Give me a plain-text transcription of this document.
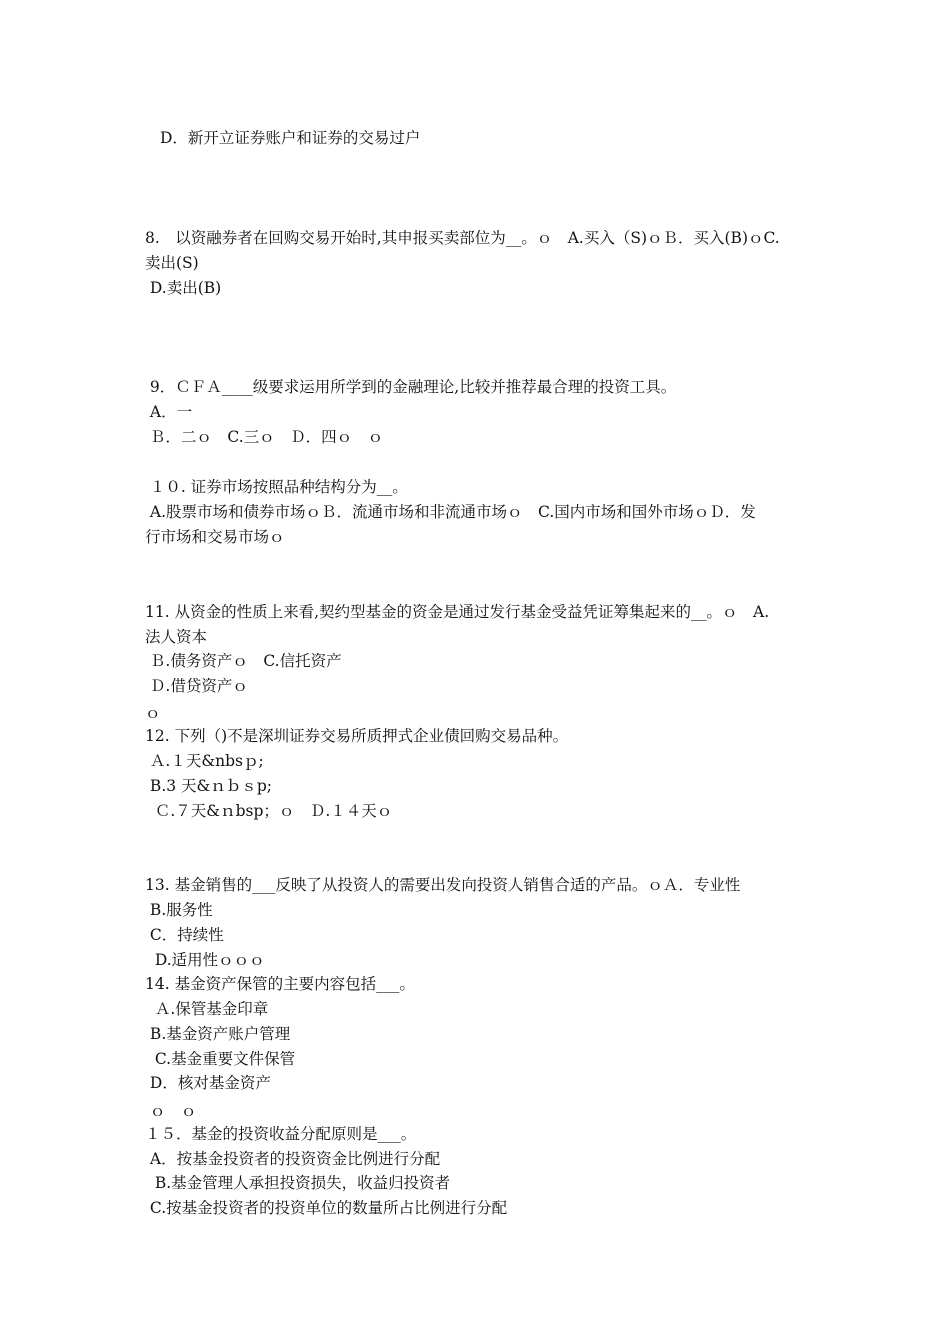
D．新开立证券账户和证券的交易过户
8.　以资融券者在回购交易开始时,其申报买卖部位为__。ｏ　A.买入（S)ｏＢ．买入(B)ｏC.
卖出(S)
D.卖出(B)
9．ＣＦＡ____级要求运用所学到的金融理论,比较并推荐最合理的投资工具。
A．一
Ｂ．二ｏ　C.三ｏ　Ｄ．四ｏ　ｏ
１０. 证券市场按照品种结构分为__。
A.股票市场和债券市场ｏＢ．流通市场和非流通市场ｏ　C.国内市场和国外市场ｏＤ．发
行市场和交易市场ｏ
11. 从资金的性质上来看,契约型基金的资金是通过发行基金受益凭证筹集起来的__。ｏ　A.
法人资本
Ｂ.债务资产ｏ　C.信托资产
Ｄ.借贷资产ｏ
ｏ
12. 下列（)不是深圳证券交易所质押式企业债回购交易品种。
Ａ.１天&nbsｐ;
B.3 天&ｎｂｓp;
Ｃ.７天&ｎbsp；ｏ　Ｄ.１４天ｏ
13. 基金销售的___反映了从投资人的需要出发向投资人销售合适的产品。ｏＡ．专业性
B.服务性
C．持续性
D.适用性ｏｏｏ
14. 基金资产保管的主要内容包括___。
Ａ.保管基金印章
B.基金资产账户管理
C.基金重要文件保管
D．核对基金资产
ｏ　ｏ
１５．基金的投资收益分配原则是___。
A．按基金投资者的投资资金比例进行分配
B.基金管理人承担投资损失，收益归投资者
C.按基金投资者的投资单位的数量所占比例进行分配
